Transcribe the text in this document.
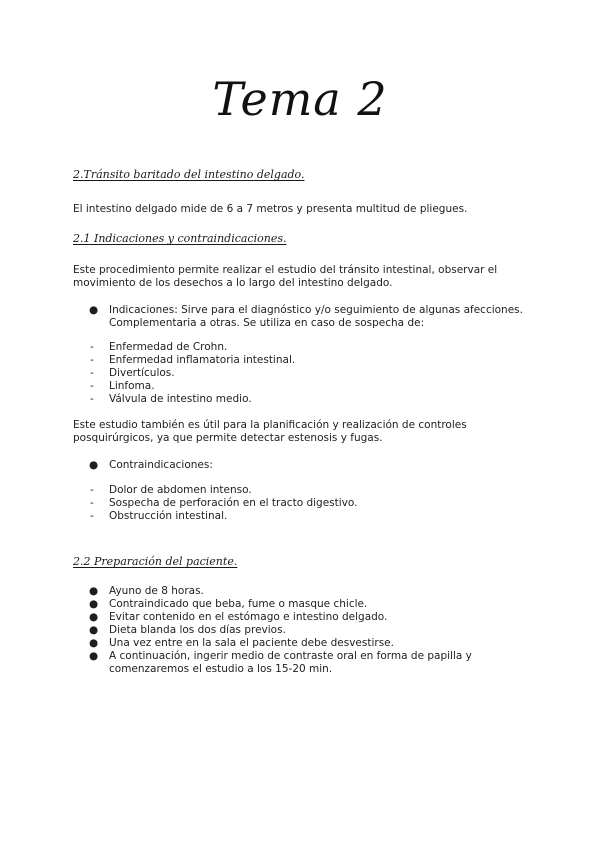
Tema 2
2.Tránsito baritado del intestino delgado.
El intestino delgado mide de 6 a 7 metros y presenta multitud de pliegues.
2.1 Indicaciones y contraindicaciones.
Este procedimiento permite realizar el estudio del tránsito intestinal, observar el movimiento de los desechos a lo largo del intestino delgado.
● Indicaciones: Sirve para el diagnóstico y/o seguimiento de algunas afecciones. Complementaria a otras. Se utiliza en caso de sospecha de:
- Enfermedad de Crohn.
- Enfermedad inflamatoria intestinal.
- Divertículos.
- Linfoma.
- Válvula de intestino medio.
Este estudio también es útil para la planificación y realización de controles posquirúrgicos, ya que permite detectar estenosis y fugas.
● Contraindicaciones:
- Dolor de abdomen intenso.
- Sospecha de perforación en el tracto digestivo.
- Obstrucción intestinal.
2.2 Preparación del paciente.
● Ayuno de 8 horas.
● Contraindicado que beba, fume o masque chicle.
● Evitar contenido en el estómago e intestino delgado.
● Dieta blanda los dos días previos.
● Una vez entre en la sala el paciente debe desvestirse.
● A continuación, ingerir medio de contraste oral en forma de papilla y comenzaremos el estudio a los 15-20 min.
